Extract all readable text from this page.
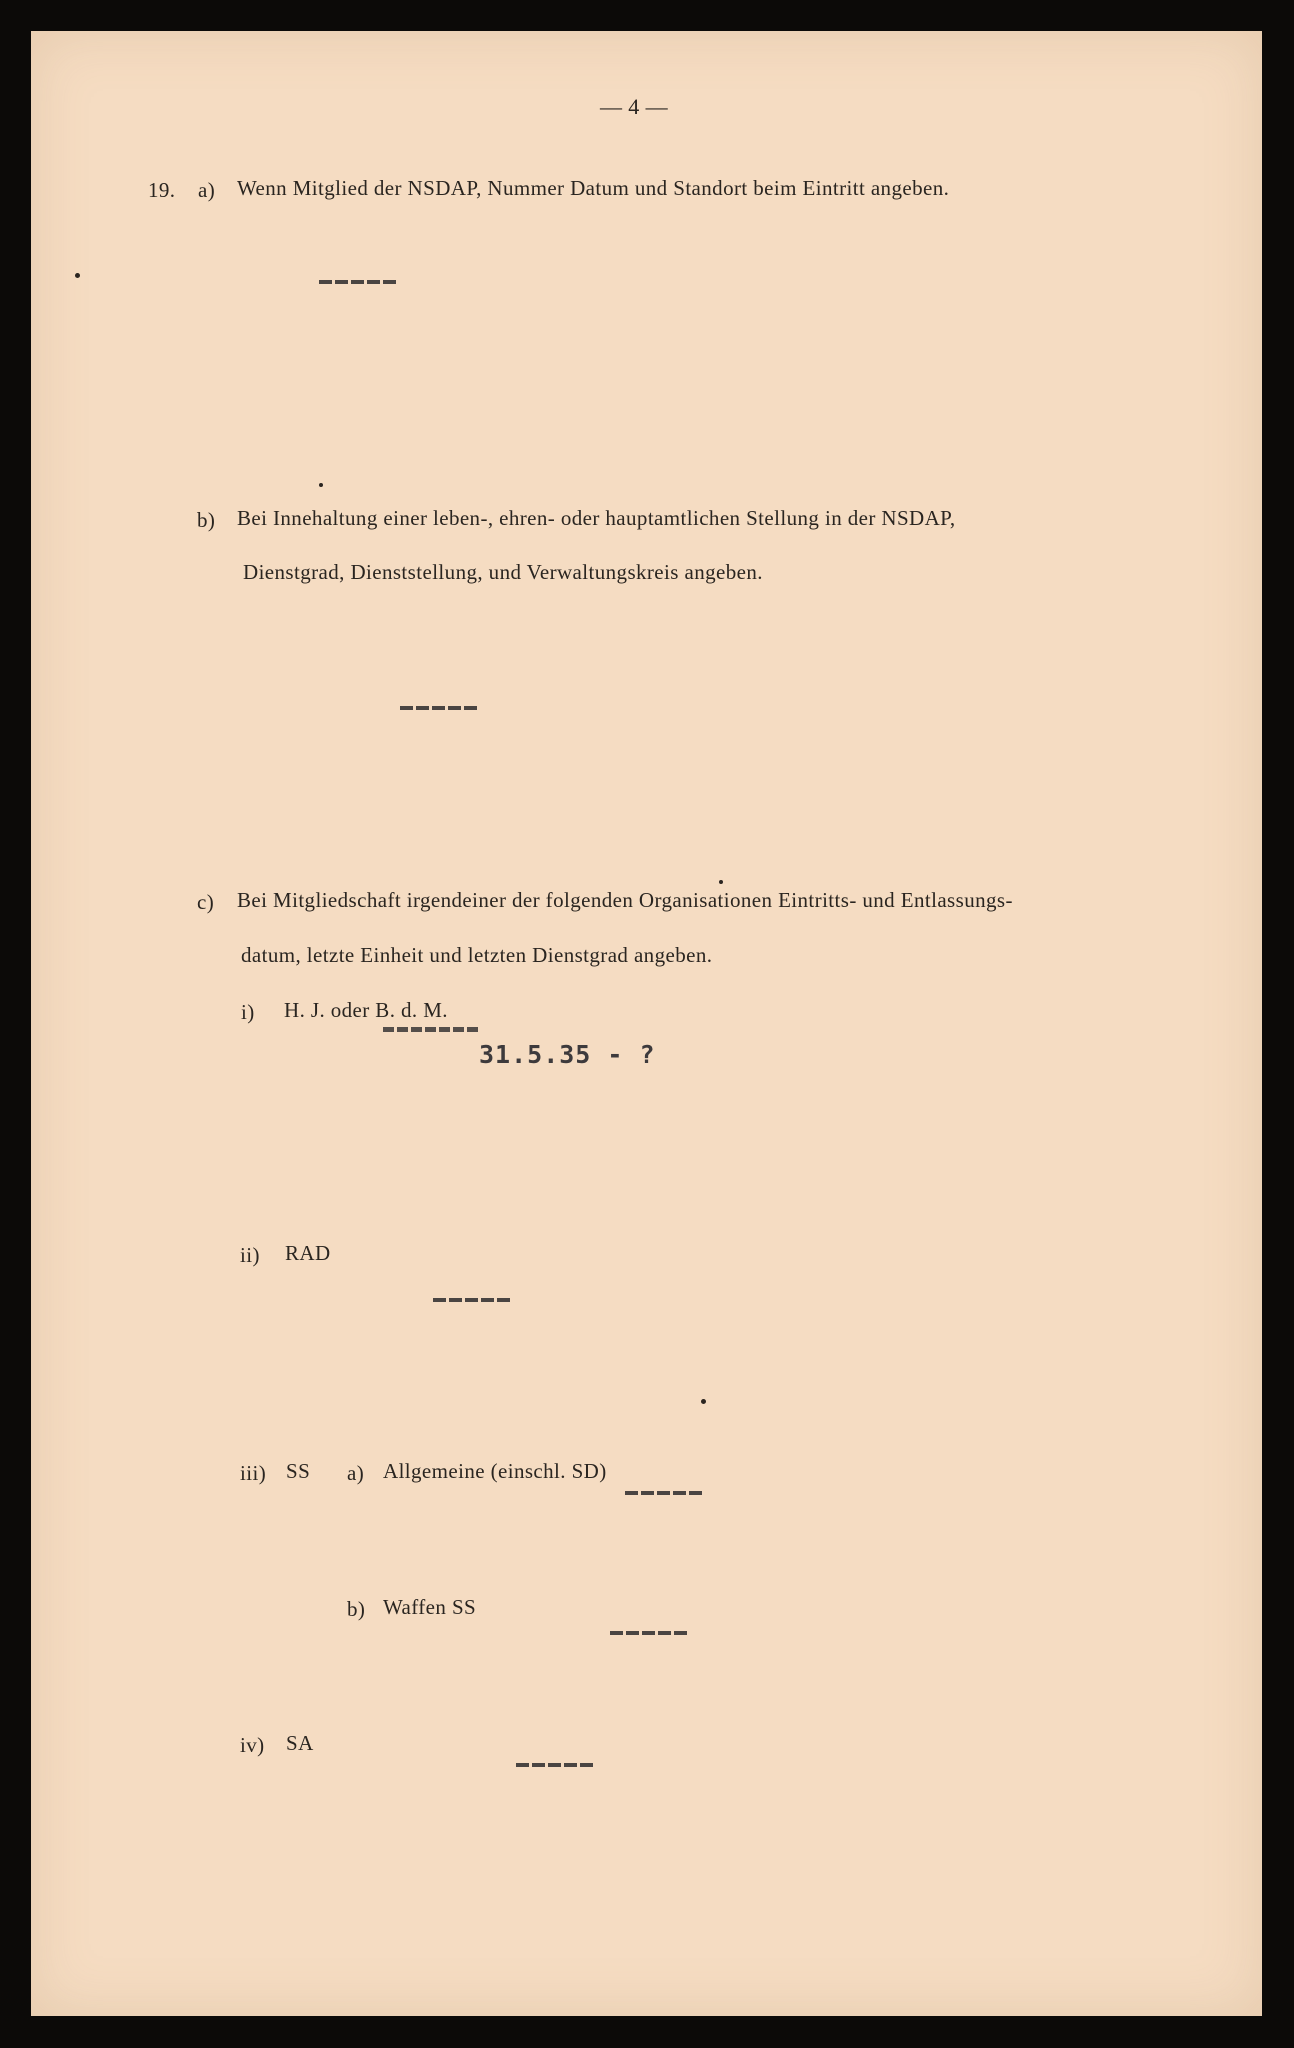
— 4 —
19. a) Wenn Mitglied der NSDAP, Nummer Datum und Standort beim Eintritt angeben.
b) Bei Innehaltung einer leben-, ehren- oder hauptamtlichen Stellung in der NSDAP,
Dienstgrad, Dienststellung, und Verwaltungskreis angeben.
c) Bei Mitgliedschaft irgendeiner der folgenden Organisationen Eintritts- und Entlassungs-
datum, letzte Einheit und letzten Dienstgrad angeben.
i) H. J. oder B. d. M.
31.5.35 - ?
ii) RAD
iii) SS a) Allgemeine (einschl. SD)
b) Waffen SS
iv) SA
